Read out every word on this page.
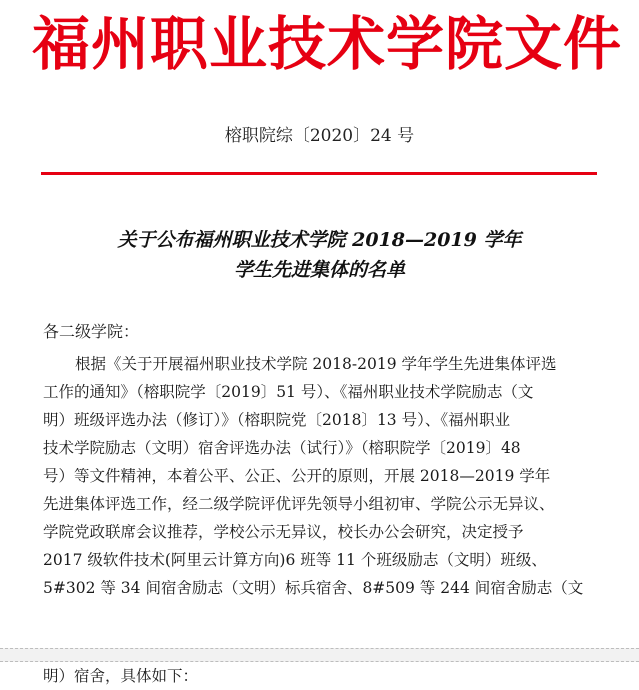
福州职业技术学院文件
榕职院综〔2020〕24 号
关于公布福州职业技术学院 2018—2019 学年
学生先进集体的名单
各二级学院：
根据《关于开展福州职业技术学院 2018-2019 学年学生先进集体评选
工作的通知》（榕职院学〔2019〕51 号）、《福州职业技术学院励志（文
明）班级评选办法（修订）》（榕职院党〔2018〕13 号）、《福州职业
技术学院励志（文明）宿舍评选办法（试行）》（榕职院学〔2019〕48
号）等文件精神，本着公平、公正、公开的原则，开展 2018—2019 学年
先进集体评选工作，经二级学院评优评先领导小组初审、学院公示无异议、
学院党政联席会议推荐，学校公示无异议，校长办公会研究，决定授予
2017 级软件技术(阿里云计算方向)6 班等 11 个班级励志（文明）班级、
5#302 等 34 间宿舍励志（文明）标兵宿舍、8#509 等 244 间宿舍励志（文
明）宿舍，具体如下：
